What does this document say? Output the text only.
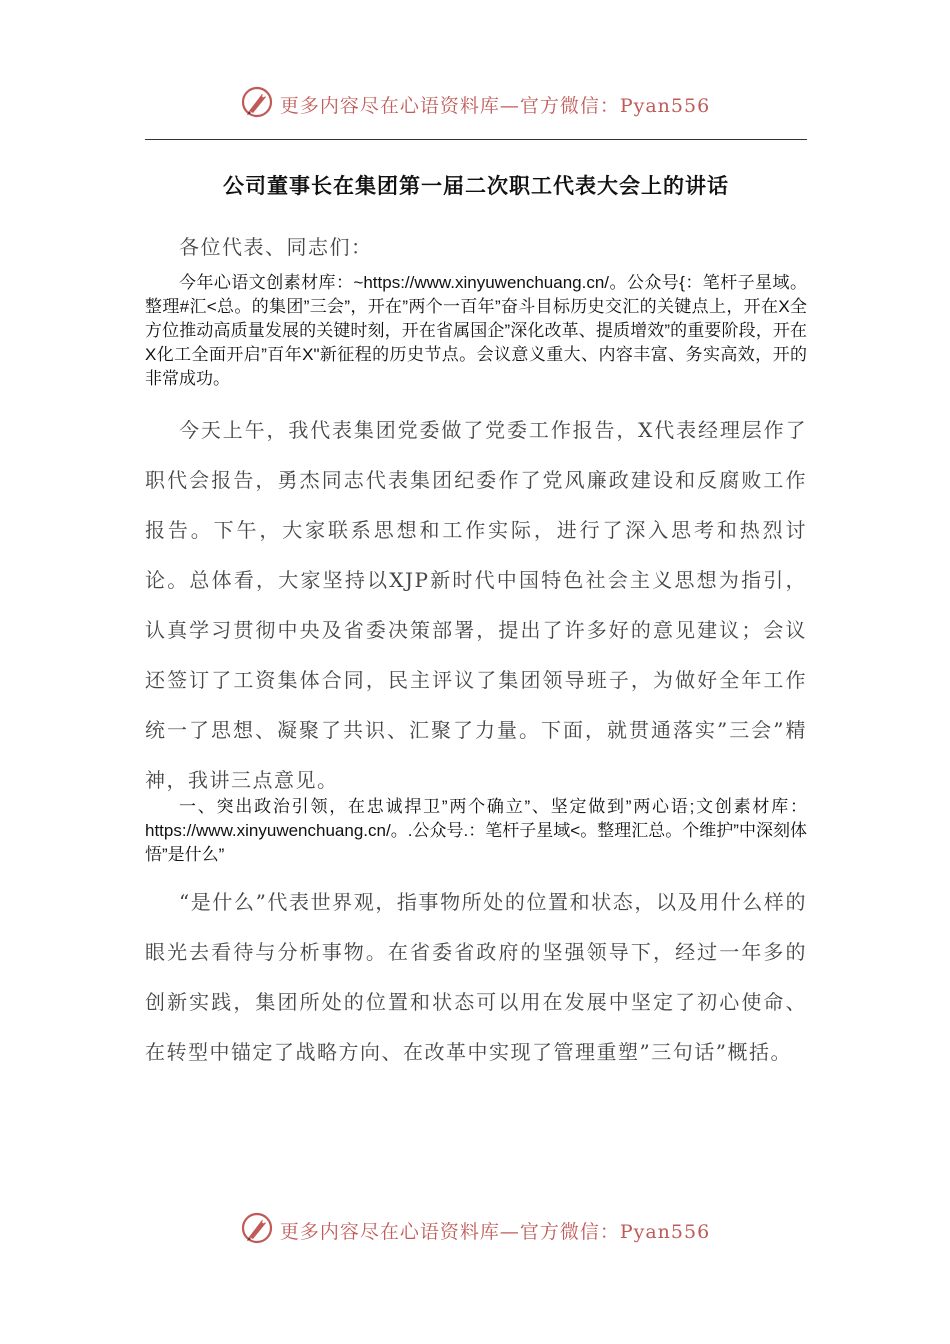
更多内容尽在心语资料库—官方微信：Pyan556
公司董事长在集团第一届二次职工代表大会上的讲话

各位代表、同志们：

今年心语文创素材库：~https://www.xinyuwenchuang.cn/。公众号{：笔杆子星域。整理#汇<总。的集团”三会”，开在”两个一百年”奋斗目标历史交汇的关键点上，开在X全方位推动高质量发展的关键时刻，开在省属国企”深化改革、提质增效”的重要阶段，开在X化工全面开启”百年X"新征程的历史节点。会议意义重大、内容丰富、务实高效，开的非常成功。

今天上午，我代表集团党委做了党委工作报告，X代表经理层作了职代会报告，勇杰同志代表集团纪委作了党风廉政建设和反腐败工作报告。下午，大家联系思想和工作实际，进行了深入思考和热烈讨论。总体看，大家坚持以XJP新时代中国特色社会主义思想为指引，认真学习贯彻中央及省委决策部署，提出了许多好的意见建议；会议还签订了工资集体合同，民主评议了集团领导班子，为做好全年工作统一了思想、凝聚了共识、汇聚了力量。下面，就贯通落实”三会”精神，我讲三点意见。

一、突出政治引领，在忠诚捍卫”两个确立”、坚定做到”两心语;文创素材库：https://www.xinyuwenchuang.cn/。.公众号.：笔杆子星域<。整理汇总。个维护”中深刻体悟”是什么”

“是什么”代表世界观，指事物所处的位置和状态，以及用什么样的眼光去看待与分析事物。在省委省政府的坚强领导下，经过一年多的创新实践，集团所处的位置和状态可以用在发展中坚定了初心使命、在转型中锚定了战略方向、在改革中实现了管理重塑”三句话”概括。

更多内容尽在心语资料库—官方微信：Pyan556
